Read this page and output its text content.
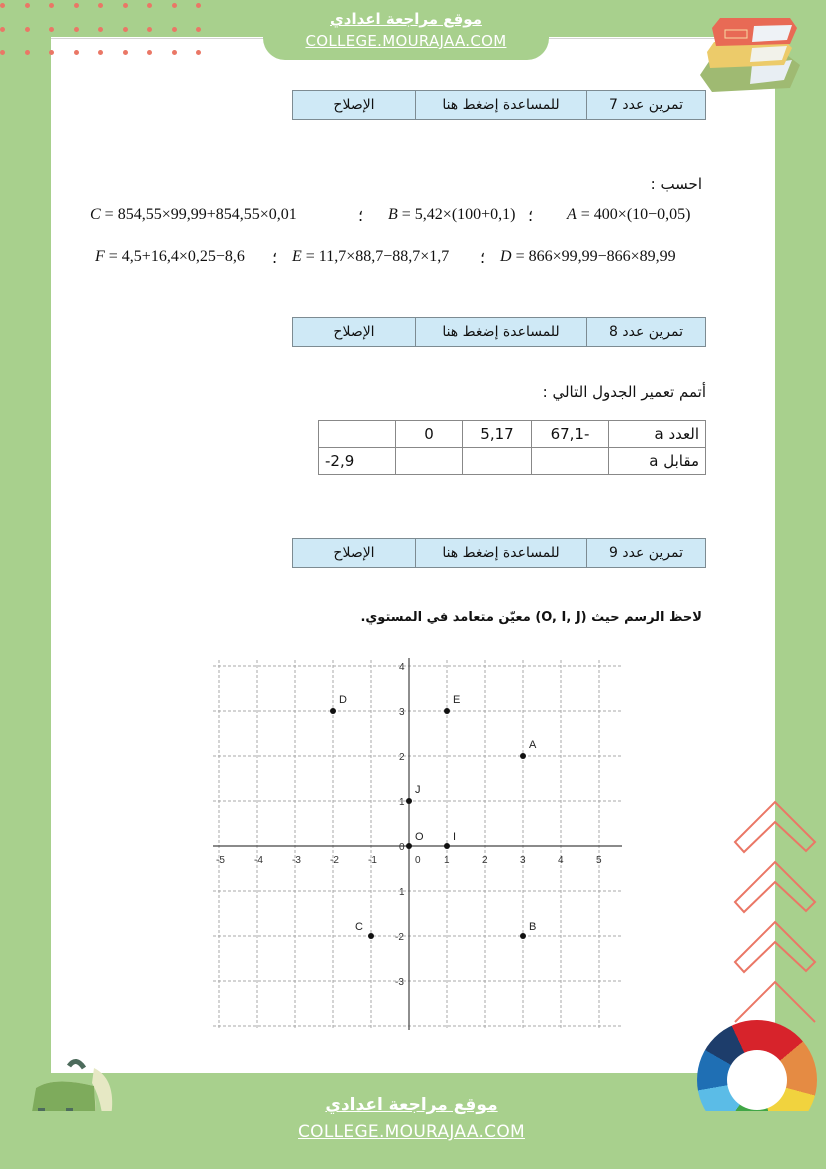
موقع مراجعة اعدادي
COLLEGE.MOURAJAA.COM
تمرين عدد 7
للمساعدة إضغط هنا
الإصلاح
احسب :
C = 854,55×99,99+854,55×0,01	؛ B = 5,42×(100+0,1) ؛ A = 400×(10−0,05)
F = 4,5+16,4×0,25−8,6 ؛ E = 11,7×88,7−88,7×1,7 ؛ D = 866×99,99−866×89,99
تمرين عدد 8
للمساعدة إضغط هنا
الإصلاح
أتمم تعمير الجدول التالي :
العدد a	-67,1	5,17	0	
مقابل a				-2,9
تمرين عدد 9
للمساعدة إضغط هنا
الإصلاح
لاحظ الرسم حيث (O, I, J) معيّن متعامد في المستوي.
-5	-4	-3	-2	-1	0 1	2	3	4	5
4
3
2
1
0
1
-2
-3
A
B
C
D	E
O	I
J
موقع مراجعة اعدادي
COLLEGE.MOURAJAA.COM
